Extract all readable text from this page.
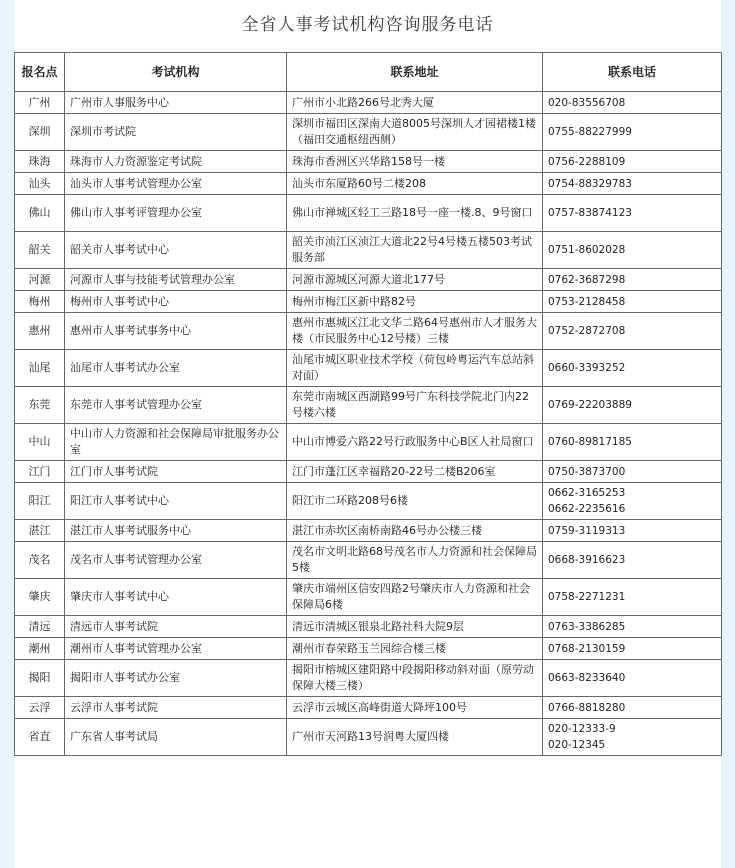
全省人事考试机构咨询服务电话
报名点	考试机构	联系地址	联系电话
广州	广州市人事服务中心	广州市小北路266号北秀大厦	020-83556708
深圳	深圳市考试院	深圳市福田区深南大道8005号深圳人才园裙楼1楼（福田交通枢纽西侧）	0755-88227999
珠海	珠海市人力资源鉴定考试院	珠海市香洲区兴华路158号一楼	0756-2288109
汕头	汕头市人事考试管理办公室	汕头市东厦路60号二楼208	0754-88329783
佛山	佛山市人事考评管理办公室	佛山市禅城区轻工三路18号一座一楼.8、9号窗口	0757-83874123
韶关	韶关市人事考试中心	韶关市浈江区浈江大道北22号4号楼五楼503考试服务部	0751-8602028
河源	河源市人事与技能考试管理办公室	河源市源城区河源大道北177号	0762-3687298
梅州	梅州市人事考试中心	梅州市梅江区新中路82号	0753-2128458
惠州	惠州市人事考试事务中心	惠州市惠城区江北文华二路64号惠州市人才服务大楼（市民服务中心12号楼）三楼	0752-2872708
汕尾	汕尾市人事考试办公室	汕尾市城区职业技术学校（荷包岭粤运汽车总站斜对面）	0660-3393252
东莞	东莞市人事考试管理办公室	东莞市南城区西湖路99号广东科技学院北门内22号楼六楼	0769-22203889
中山	中山市人力资源和社会保障局审批服务办公室	中山市博爱六路22号行政服务中心B区人社局窗口	0760-89817185
江门	江门市人事考试院	江门市蓬江区幸福路20-22号二楼B206室	0750-3873700
阳江	阳江市人事考试中心	阳江市二环路208号6楼	0662-3165253
0662-2235616
湛江	湛江市人事考试服务中心	湛江市赤坎区南桥南路46号办公楼三楼	0759-3119313
茂名	茂名市人事考试管理办公室	茂名市文明北路68号茂名市人力资源和社会保障局5楼	0668-3916623
肇庆	肇庆市人事考试中心	肇庆市端州区信安四路2号肇庆市人力资源和社会保障局6楼	0758-2271231
清远	清远市人事考试院	清远市清城区银泉北路社科大院9层	0763-3386285
潮州	潮州市人事考试管理办公室	潮州市春荣路玉兰园综合楼三楼	0768-2130159
揭阳	揭阳市人事考试办公室	揭阳市榕城区建阳路中段揭阳移动斜对面（原劳动保障大楼三楼）	0663-8233640
云浮	云浮市人事考试院	云浮市云城区高峰街道大降坪100号	0766-8818280
省直	广东省人事考试局	广州市天河路13号润粤大厦四楼	020-12333-9
020-12345
